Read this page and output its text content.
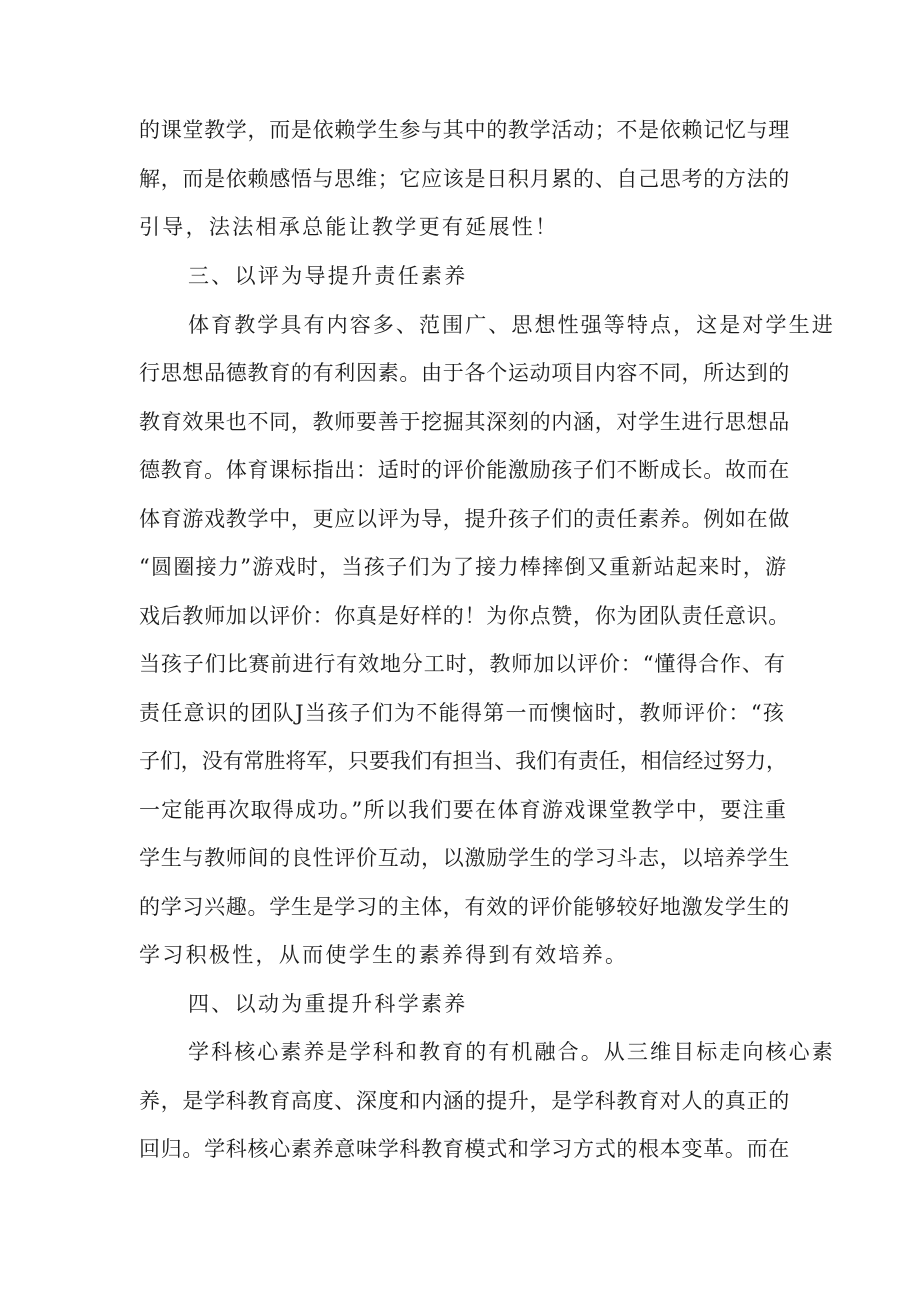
的课堂教学，而是依赖学生参与其中的教学活动；不是依赖记忆与理
解，而是依赖感悟与思维；它应该是日积月累的、自己思考的方法的
引导，法法相承总能让教学更有延展性！
三、以评为导提升责任素养
体育教学具有内容多、范围广、思想性强等特点，这是对学生进
行思想品德教育的有利因素。由于各个运动项目内容不同，所达到的
教育效果也不同，教师要善于挖掘其深刻的内涵，对学生进行思想品
德教育。体育课标指出：适时的评价能激励孩子们不断成长。故而在
体育游戏教学中，更应以评为导，提升孩子们的责任素养。例如在做
“圆圈接力”游戏时，当孩子们为了接力棒摔倒又重新站起来时，游
戏后教师加以评价：你真是好样的！为你点赞，你为团队责任意识。
当孩子们比赛前进行有效地分工时，教师加以评价：“懂得合作、有
责任意识的团队J当孩子们为不能得第一而懊恼时，教师评价：“孩
子们，没有常胜将军，只要我们有担当、我们有责任，相信经过努力，
一定能再次取得成功。”所以我们要在体育游戏课堂教学中，要注重
学生与教师间的良性评价互动，以激励学生的学习斗志，以培养学生
的学习兴趣。学生是学习的主体，有效的评价能够较好地激发学生的
学习积极性，从而使学生的素养得到有效培养。
四、以动为重提升科学素养
学科核心素养是学科和教育的有机融合。从三维目标走向核心素
养，是学科教育高度、深度和内涵的提升，是学科教育对人的真正的
回归。学科核心素养意味学科教育模式和学习方式的根本变革。而在
